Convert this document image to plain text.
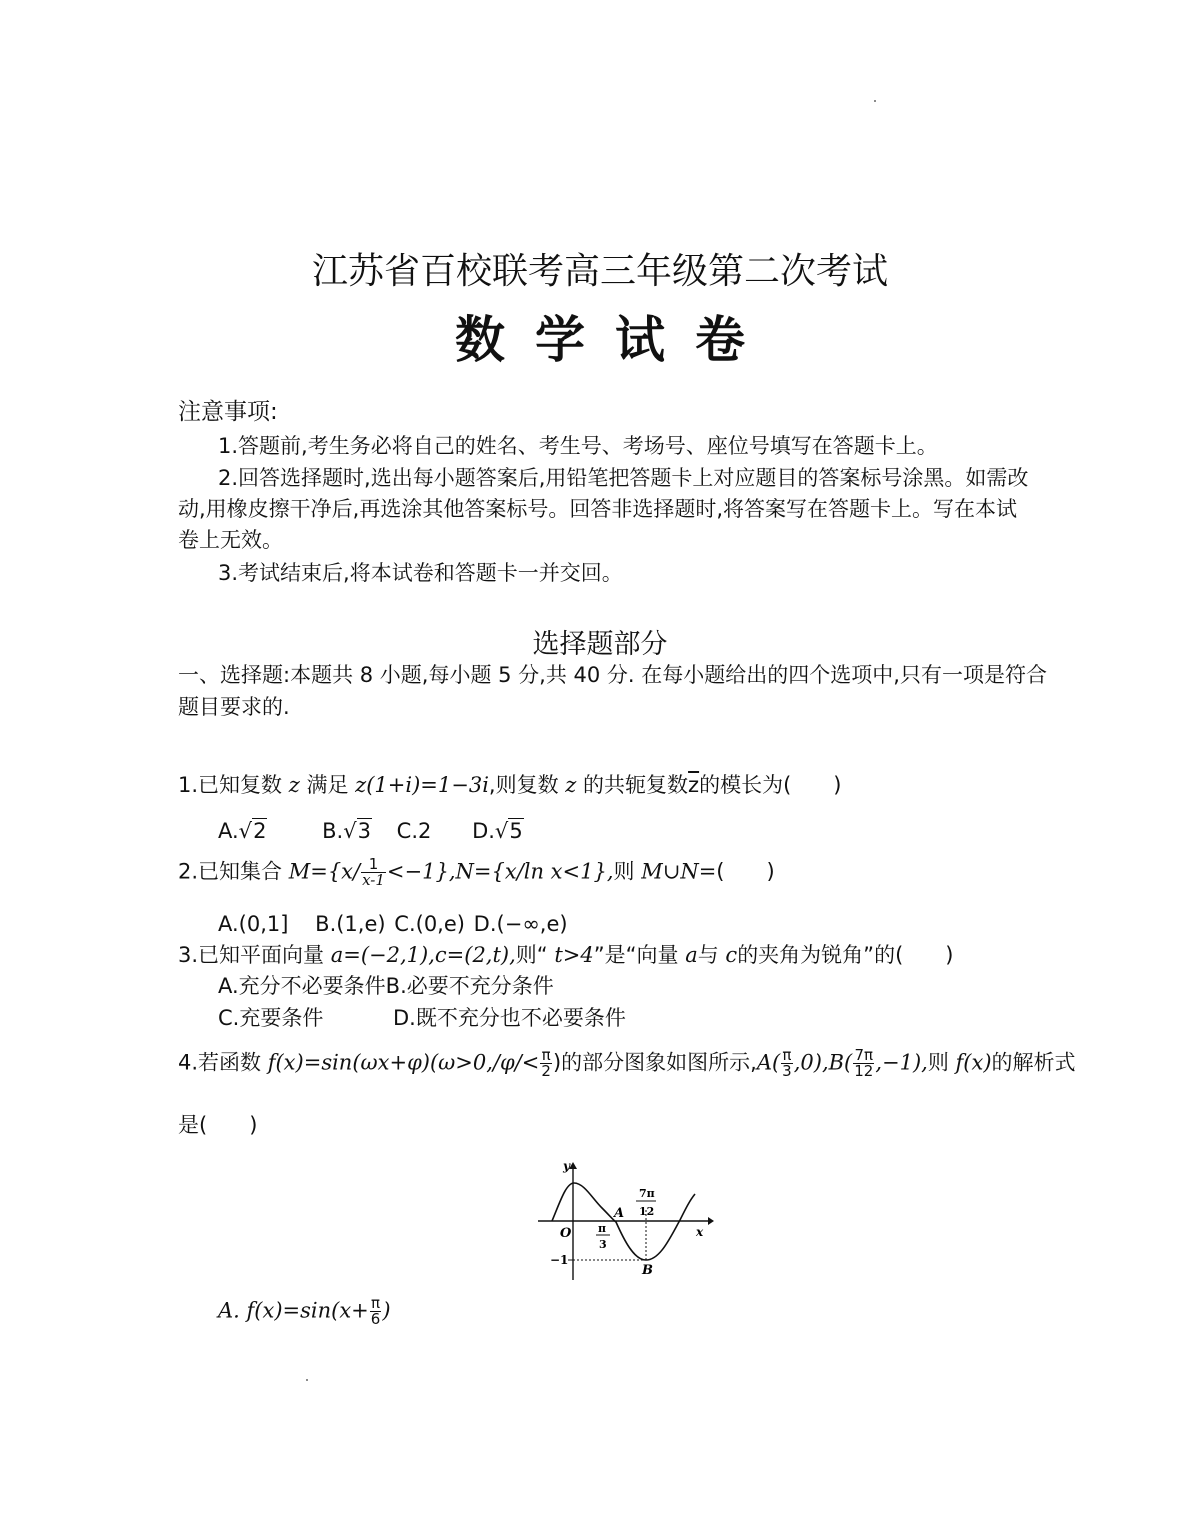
江苏省百校联考高三年级第二次考试
数学试卷
注意事项:
1.答题前,考生务必将自己的姓名、考生号、考场号、座位号填写在答题卡上。
2.回答选择题时,选出每小题答案后,用铅笔把答题卡上对应题目的答案标号涂黑。如需改
动,用橡皮擦干净后,再选涂其他答案标号。回答非选择题时,将答案写在答题卡上。写在本试
卷上无效。
3.考试结束后,将本试卷和答题卡一并交回。
选择题部分
一、选择题:本题共 8 小题,每小题 5 分,共 40 分. 在每小题给出的四个选项中,只有一项是符合
题目要求的.
1.已知复数 z 满足 z(1+i)=1−3i,则复数 z 的共轭复数$\overline{z}$的模长为(　　)
A.√2	B.√3 C.2 D.√5
2.已知集合 $M=\{x/ \frac{1}{x-1} <-1\},N=\{x/\ln$ x<1},则 M∪N=(　　)
A.(0,1] B.(1,e) C.(0,e) D.(−∞,e)
3.已知平面向量 a=(−2,1),c=(2,t),则“ t>4”是“向量 a与 c的夹角为锐角”的(　　)
A.充分不必要条件B.必要不充分条件
C.充要条件	D.既不充分也不必要条件
4.若函数 $f(x)=\sin(\omega x+\varphi)(\omega>0,/\varphi/< \frac{\pi}{2}$ )的部分图象如图所示$,A( \frac{\pi}{3} ,0),B( \frac{7\pi}{12} ,-1)$,则 f(x)的解析式
是(　　)
y
x
O
A
B
−1
π
3
7π
12
A. $f(x)=\sin(x+ \frac{\pi}{6}$ )
